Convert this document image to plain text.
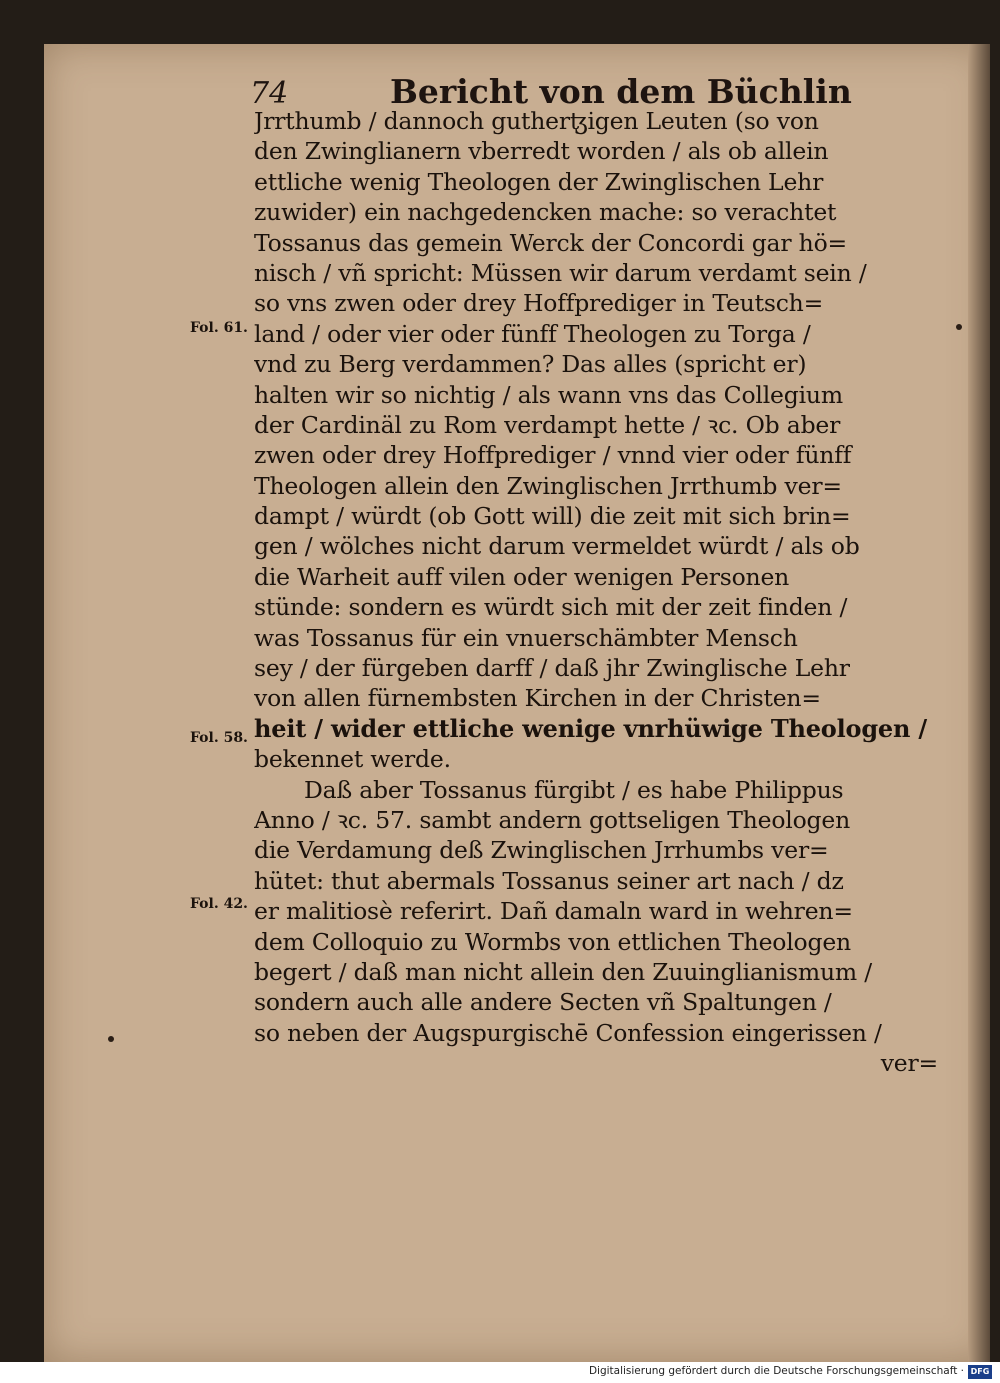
74	Bericht von dem Büchlin
Fol. 61.
Fol. 58.
Fol. 42.
Jrrthumb / dannoch gutherꜩigen Leuten (so von
den Zwinglianern vberredt worden / als ob allein
ettliche wenig Theologen der Zwinglischen Lehr
zuwider) ein nachgedencken mache: so verachtet
Tossanus das gemein Werck der Concordi gar hö=
nisch / vñ spricht: Müssen wir darum verdamt sein /
so vns zwen oder drey Hoffprediger in Teutsch=
land / oder vier oder fünff Theologen zu Torga /
vnd zu Berg verdammen? Das alles (spricht er)
halten wir so nichtig / als wann vns das Collegium
der Cardinäl zu Rom verdampt hette / ꝛc. Ob aber
zwen oder drey Hoffprediger / vnnd vier oder fünff
Theologen allein den Zwinglischen Jrrthumb ver=
dampt / würdt (ob Gott will) die zeit mit sich brin=
gen / wölches nicht darum vermeldet würdt / als ob
die Warheit auff vilen oder wenigen Personen
stünde: sondern es würdt sich mit der zeit finden /
was Tossanus für ein vnuerschämbter Mensch
sey / der fürgeben darff / daß jhr Zwinglische Lehr
von allen fürnembsten Kirchen in der Christen=
heit / wider ettliche wenige vnrhüwige Theologen /
bekennet werde.
Daß aber Tossanus fürgibt / es habe Philippus
Anno / ꝛc. 57. sambt andern gottseligen Theologen
die Verdamung deß Zwinglischen Jrrhumbs ver=
hütet: thut abermals Tossanus seiner art nach / dz
er malitiosè referirt. Dañ damaln ward in wehren=
dem Colloquio zu Wormbs von ettlichen Theologen
begert / daß man nicht allein den Zuuinglianismum /
sondern auch alle andere Secten vñ Spaltungen /
so neben der Augspurgischē Confession eingerissen /
ver=
Digitalisierung gefördert durch die Deutsche Forschungsgemeinschaft · DFG
